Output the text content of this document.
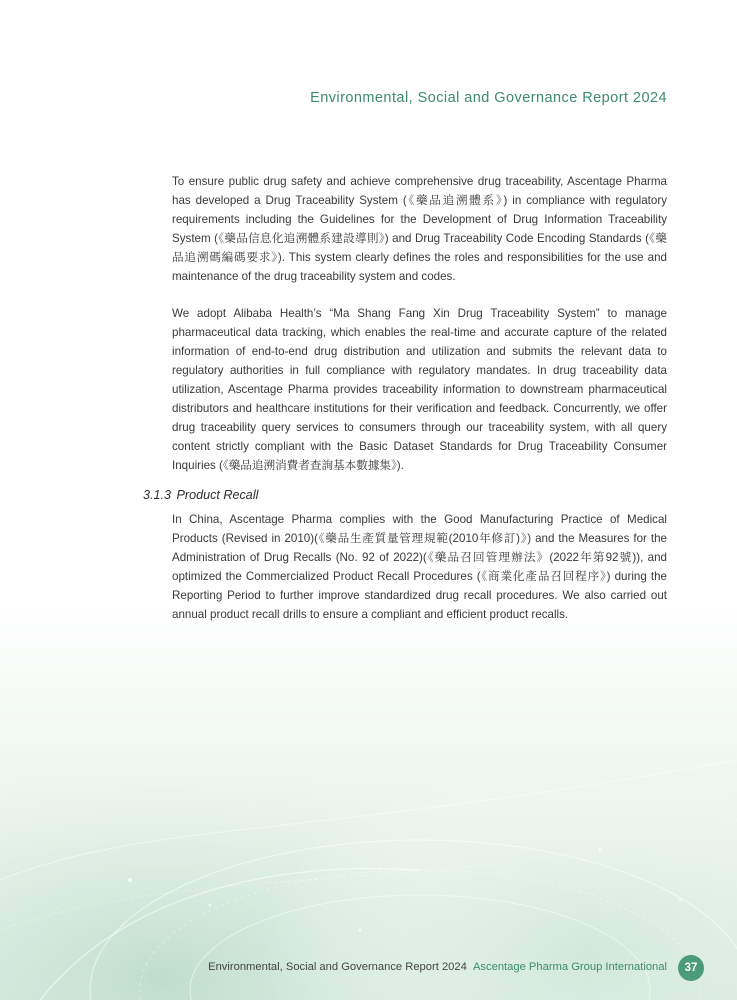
Environmental, Social and Governance Report 2024

To ensure public drug safety and achieve comprehensive drug traceability, Ascentage Pharma has developed a Drug Traceability System (《藥品追溯體系》) in compliance with regulatory requirements including the Guidelines for the Development of Drug Information Traceability System (《藥品信息化追溯體系建設導則》) and Drug Traceability Code Encoding Standards (《藥品追溯碼編碼要求》). This system clearly defines the roles and responsibilities for the use and maintenance of the drug traceability system and codes.

We adopt Alibaba Health’s “Ma Shang Fang Xin Drug Traceability System” to manage pharmaceutical data tracking, which enables the real-time and accurate capture of the related information of end-to-end drug distribution and utilization and submits the relevant data to regulatory authorities in full compliance with regulatory mandates. In drug traceability data utilization, Ascentage Pharma provides traceability information to downstream pharmaceutical distributors and healthcare institutions for their verification and feedback. Concurrently, we offer drug traceability query services to consumers through our traceability system, with all query content strictly compliant with the Basic Dataset Standards for Drug Traceability Consumer Inquiries (《藥品追溯消費者查詢基本數據集》).

3.1.3 Product Recall

In China, Ascentage Pharma complies with the Good Manufacturing Practice of Medical Products (Revised in 2010)(《藥品生產質量管理規範(2010年修訂)》) and the Measures for the Administration of Drug Recalls (No. 92 of 2022)(《藥品召回管理辦法》(2022年第92號)), and optimized the Commercialized Product Recall Procedures (《商業化產品召回程序》) during the Reporting Period to further improve standardized drug recall procedures. We also carried out annual product recall drills to ensure a compliant and efficient product recalls.

Environmental, Social and Governance Report 2024 Ascentage Pharma Group International	37
